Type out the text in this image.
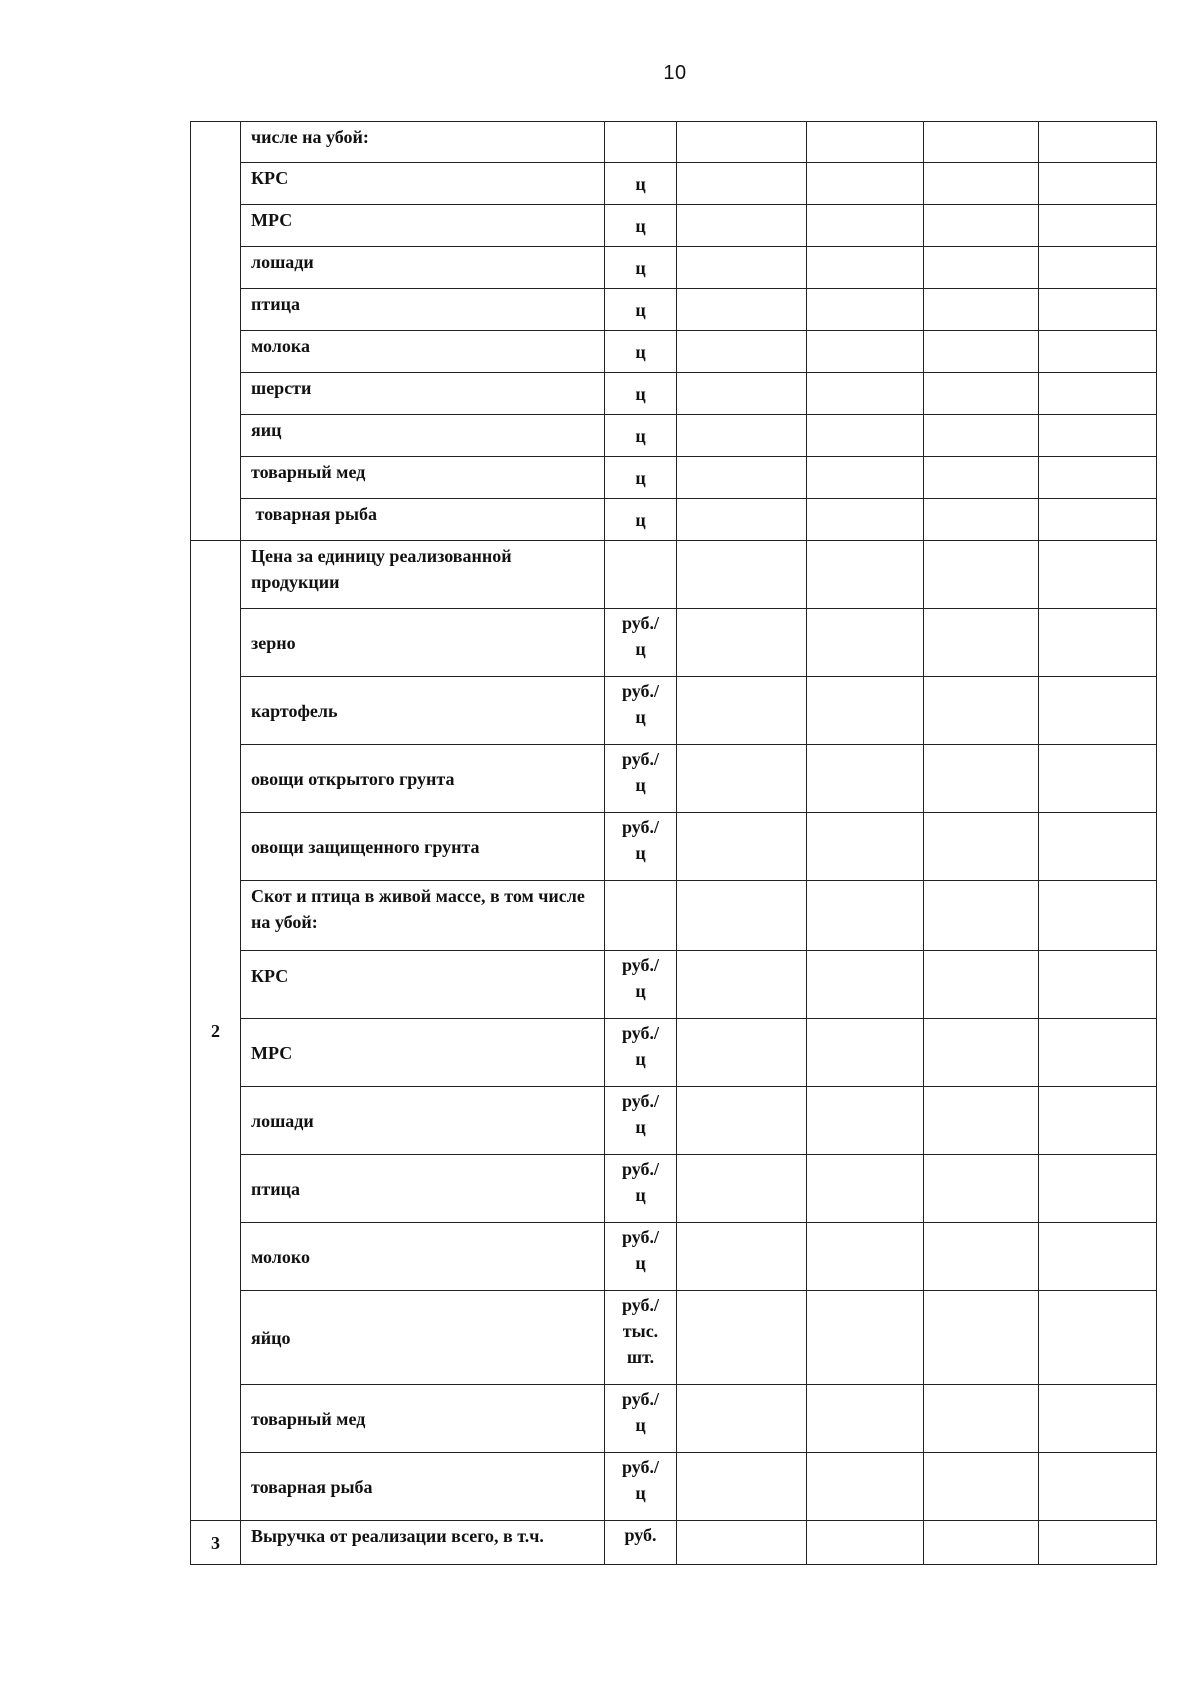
10
	числе на убой:					
	КРС	ц				
	МРС	ц				
	лошади	ц				
	птица	ц				
	молока	ц				
	шерсти	ц				
	яиц	ц				
	товарный мед	ц				
	товарная рыба	ц				
2	Цена за единицу реализованной продукции					
	зерно	руб./
ц				

	картофель	руб./
ц				

	овощи открытого грунта	руб./
ц				

	овощи защищенного грунта	руб./
ц				

	Скот и птица в живой массе, в том числе на убой:					
	КРС	руб./
ц				

	МРС	руб./
ц				

	лошади	руб./
ц				

	птица	руб./
ц				

	молоко	руб./
ц				

	яйцо	руб./
тыс.
шт.				

	товарный мед	руб./
ц				

	товарная рыба	руб./
ц				

3	Выручка от реализации всего, в т.ч.	руб.				
